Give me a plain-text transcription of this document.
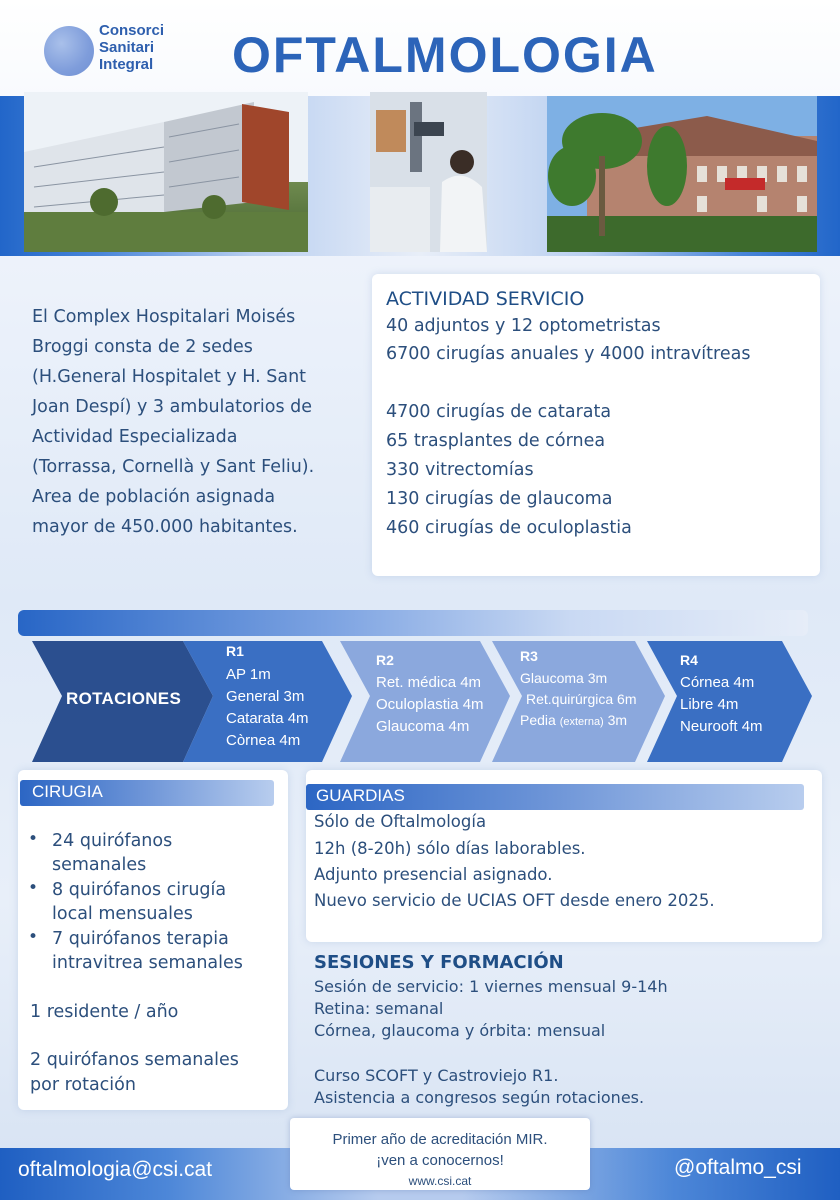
Consorci
Sanitari
Integral OFTALMOLOGIA
El Complex Hospitalari Moisés
Broggi consta de 2 sedes
(H.General Hospitalet y H. Sant
Joan Despí) y 3 ambulatorios de
Actividad Especializada
(Torrassa, Cornellà y Sant Feliu).
Area de población asignada
mayor de 450.000 habitantes.
ACTIVIDAD SERVICIO
40 adjuntos y 12 optometristas
6700 cirugías anuales y 4000 intravítreas
4700 cirugías de catarata
65 trasplantes de córnea
330 vitrectomías
130 cirugías de glaucoma
460 cirugías de oculoplastia
ROTACIONES
R1
AP 1m
General 3m
Catarata 4m
Còrnea 4m
R2
Ret. médica 4m
Oculoplastia 4m
Glaucoma 4m
R3
Glaucoma 3m
Ret.quirúrgica 6m
Pedia (externa) 3m
R4
Córnea 4m
Libre 4m
Neurooft 4m
CIRUGIA
• 24 quirófanos
semanales
• 8 quirófanos cirugía
local mensuales
• 7 quirófanos terapia
intravitrea semanales
1 residente / año
2 quirófanos semanales
por rotación
GUARDIAS
Sólo de Oftalmología
12h (8-20h) sólo días laborables.
Adjunto presencial asignado.
Nuevo servicio de UCIAS OFT desde enero 2025.
SESIONES Y FORMACIÓN
Sesión de servicio: 1 viernes mensual 9-14h
Retina: semanal
Córnea, glaucoma y órbita: mensual
Curso SCOFT y Castroviejo R1.
Asistencia a congresos según rotaciones.
oftalmologia@csi.cat	@oftalmo_csi
Primer año de acreditación MIR.
¡ven a conocernos!
www.csi.cat
